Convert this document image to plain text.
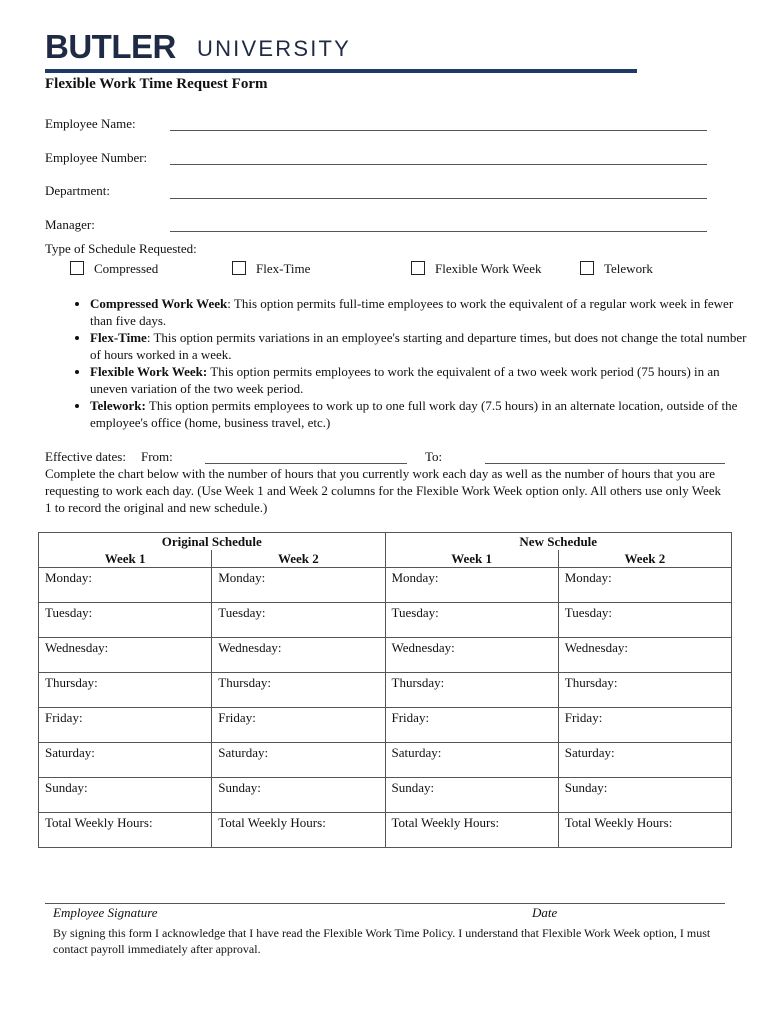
BUTLER UNIVERSITY
Flexible Work Time Request Form
Employee Name:
Employee Number:
Department:
Manager:
Type of Schedule Requested:
Compressed	Flex-Time	Flexible Work Week	Telework
• Compressed Work Week: This option permits full-time employees to work the equivalent of a regular work week in fewer than five days.
• Flex-Time: This option permits variations in an employee's starting and departure times, but does not change the total number of hours worked in a week.
• Flexible Work Week: This option permits employees to work the equivalent of a two week work period (75 hours) in an uneven variation of the two week period.
• Telework: This option permits employees to work up to one full work day (7.5 hours) in an alternate location, outside of the employee's office (home, business travel, etc.)
Effective dates: From:	To:
Complete the chart below with the number of hours that you currently work each day as well as the number of hours that you are requesting to work each day. (Use Week 1 and Week 2 columns for the Flexible Work Week option only. All others use only Week 1 to record the original and new schedule.)
Original Schedule		New Schedule	
Week 1	Week 2	Week 1	Week 2
Monday:	Monday:	Monday:	Monday:
Tuesday:	Tuesday:	Tuesday:	Tuesday:
Wednesday:	Wednesday:	Wednesday:	Wednesday:
Thursday:	Thursday:	Thursday:	Thursday:
Friday:	Friday:	Friday:	Friday:
Saturday:	Saturday:	Saturday:	Saturday:
Sunday:	Sunday:	Sunday:	Sunday:
Total Weekly Hours:	Total Weekly Hours:	Total Weekly Hours:	Total Weekly Hours:
Employee Signature	Date
By signing this form I acknowledge that I have read the Flexible Work Time Policy. I understand that Flexible Work Week option, I must contact payroll immediately after approval.
